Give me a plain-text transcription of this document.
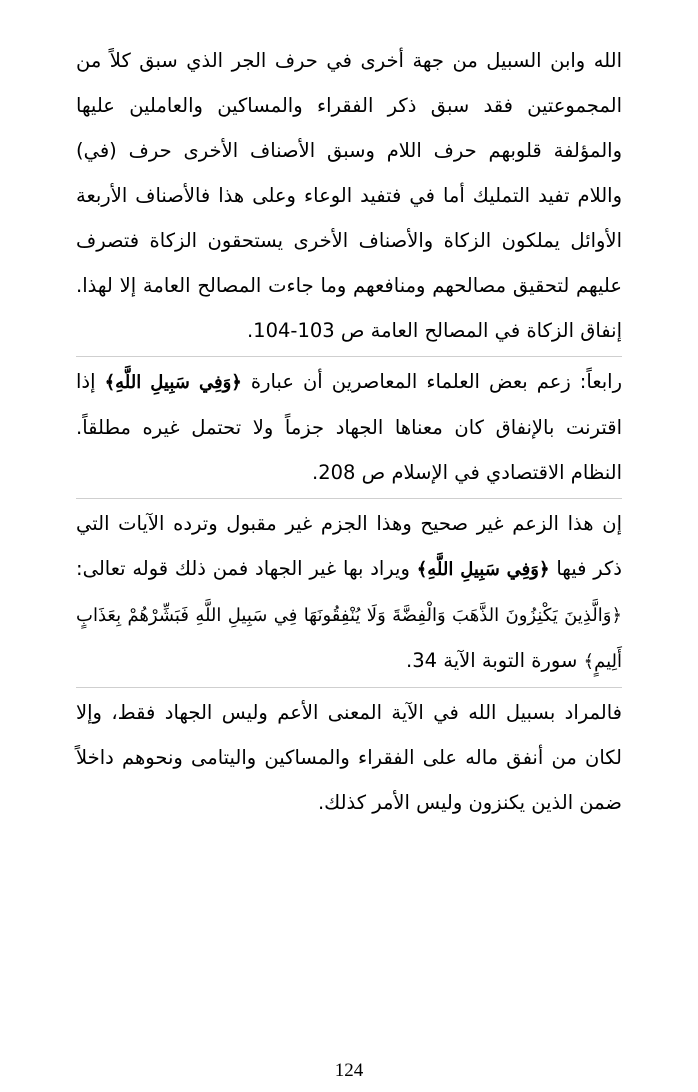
الله وابن السبيل من جهة أخرى في حرف الجر الذي سبق كلاً من المجموعتين فقد سبق ذكر الفقراء والمساكين والعاملين عليها والمؤلفة قلوبهم حرف اللام وسبق الأصناف الأخرى حرف (في) واللام تفيد التمليك أما في فتفيد الوعاء وعلى هذا فالأصناف الأربعة الأوائل يملكون الزكاة والأصناف الأخرى يستحقون الزكاة فتصرف عليهم لتحقيق مصالحهم ومنافعهم وما جاءت المصالح العامة إلا لهذا. إنفاق الزكاة في المصالح العامة ص 103-104.

رابعاً: زعم بعض العلماء المعاصرين أن عبارة ﴿وَفِي سَبِيلِ اللَّهِ﴾ إذا اقترنت بالإنفاق كان معناها الجهاد جزماً ولا تحتمل غيره مطلقاً. النظام الاقتصادي في الإسلام ص 208.

إن هذا الزعم غير صحيح وهذا الجزم غير مقبول وترده الآيات التي ذكر فيها ﴿وَفِي سَبِيلِ اللَّهِ﴾ ويراد بها غير الجهاد فمن ذلك قوله تعالى:﴿وَالَّذِينَ يَكْنِزُونَ الذَّهَبَ وَالْفِضَّةَ وَلَا يُنْفِقُونَهَا فِي سَبِيلِ اللَّهِ فَبَشِّرْهُمْ بِعَذَابٍ أَلِيمٍ﴾ سورة التوبة الآية 34.

فالمراد بسبيل الله في الآية المعنى الأعم وليس الجهاد فقط، وإلا لكان من أنفق ماله على الفقراء والمساكين واليتامى ونحوهم داخلاً ضمن الذين يكنزون وليس الأمر كذلك.

124
